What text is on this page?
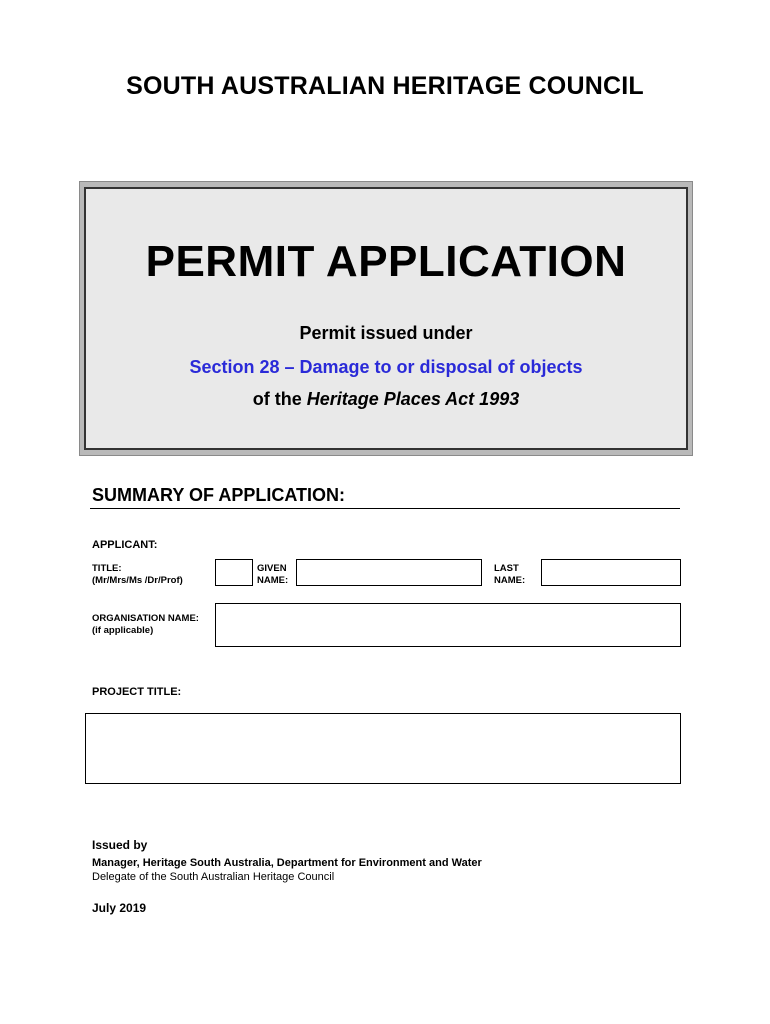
SOUTH AUSTRALIAN HERITAGE COUNCIL
PERMIT APPLICATION
Permit issued under
Section 28 – Damage to or disposal of objects
of the Heritage Places Act 1993
SUMMARY OF APPLICATION:
APPLICANT:
TITLE:
(Mr/Mrs/Ms /Dr/Prof)
GIVEN
NAME:
LAST
NAME:
ORGANISATION NAME:
(if applicable)
PROJECT TITLE:
Issued by
Manager, Heritage South Australia, Department for Environment and Water
Delegate of the South Australian Heritage Council
July 2019
